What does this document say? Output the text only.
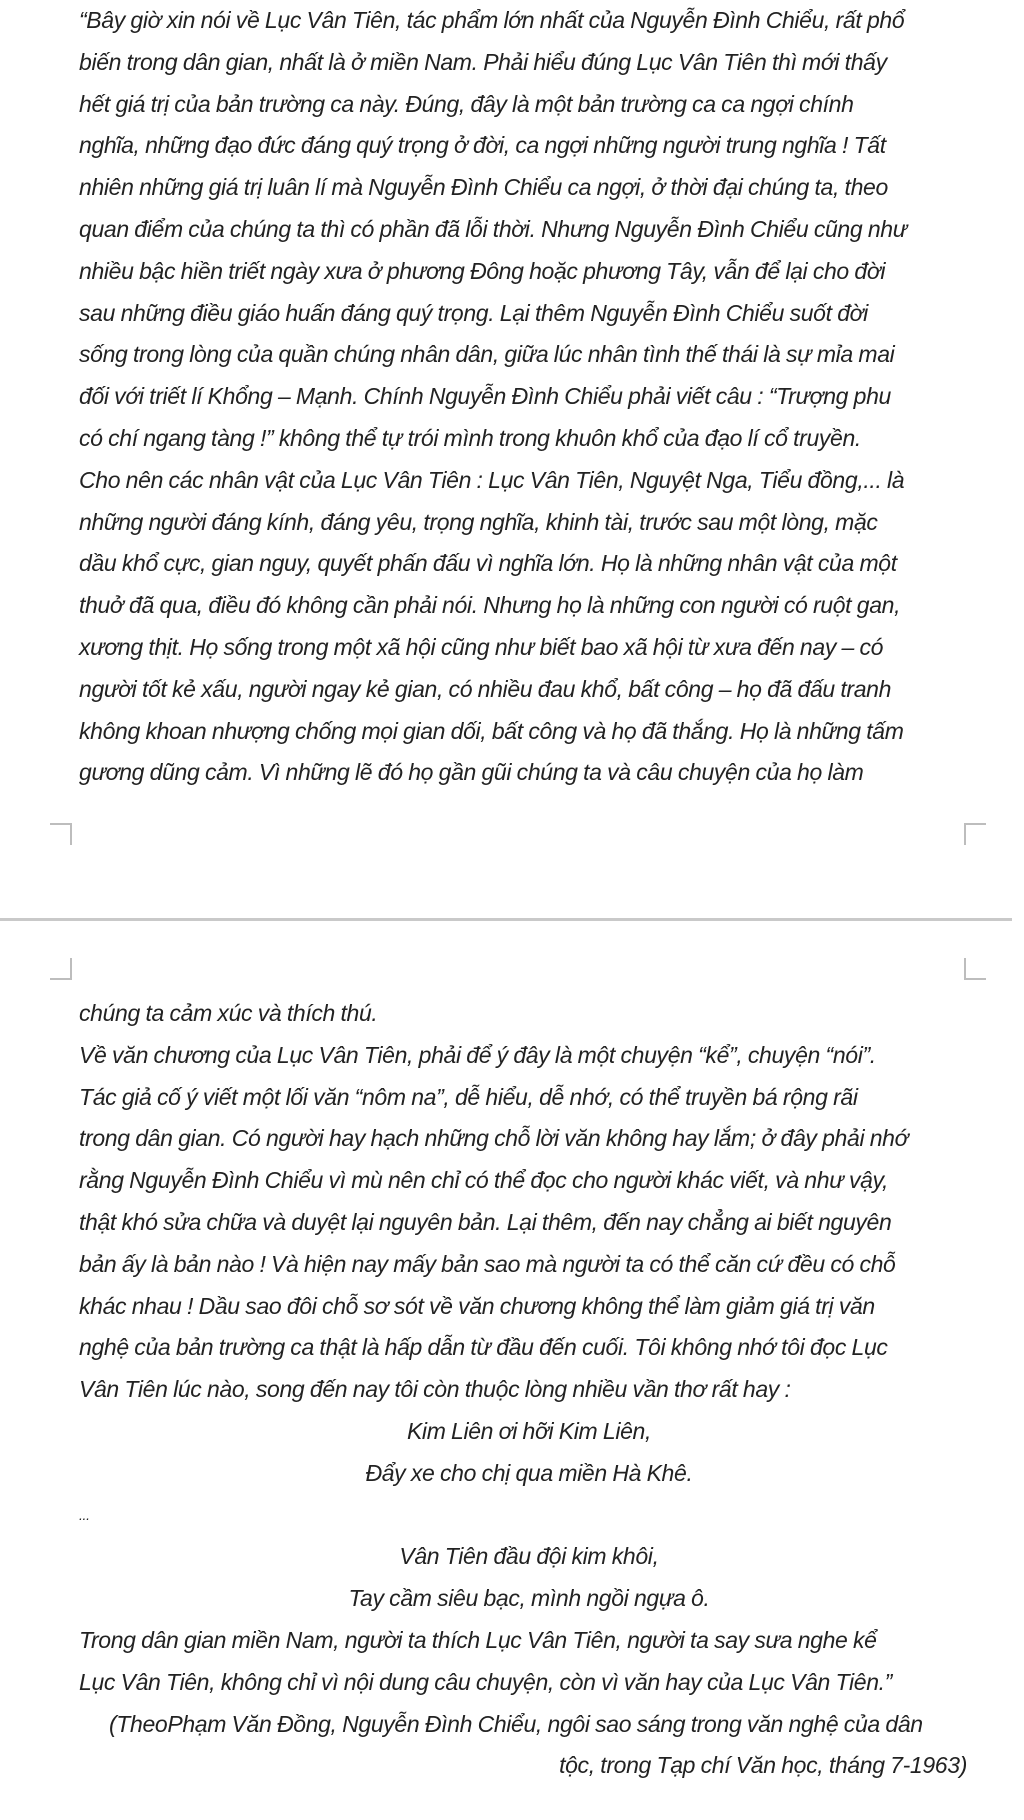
“Bây giờ xin nói về Lục Vân Tiên, tác phẩm lớn nhất của Nguyễn Đình Chiểu, rất phổ

biến trong dân gian, nhất là ở miền Nam. Phải hiểu đúng Lục Vân Tiên thì mới thấy

hết giá trị của bản trường ca này. Đúng, đây là một bản trường ca ca ngợi chính

nghĩa, những đạo đức đáng quý trọng ở đời, ca ngợi những người trung nghĩa ! Tất

nhiên những giá trị luân lí mà Nguyễn Đình Chiểu ca ngợi, ở thời đại chúng ta, theo

quan điểm của chúng ta thì có phần đã lỗi thời. Nhưng Nguyễn Đình Chiểu cũng như

nhiều bậc hiền triết ngày xưa ở phương Đông hoặc phương Tây, vẫn để lại cho đời

sau những điều giáo huấn đáng quý trọng. Lại thêm Nguyễn Đình Chiểu suốt đời

sống trong lòng của quần chúng nhân dân, giữa lúc nhân tình thế thái là sự mỉa mai

đối với triết lí Khổng – Mạnh. Chính Nguyễn Đình Chiểu phải viết câu : “Trượng phu

có chí ngang tàng !” không thể tự trói mình trong khuôn khổ của đạo lí cổ truyền.

Cho nên các nhân vật của Lục Vân Tiên : Lục Vân Tiên, Nguyệt Nga, Tiểu đồng,... là

những người đáng kính, đáng yêu, trọng nghĩa, khinh tài, trước sau một lòng, mặc

dầu khổ cực, gian nguy, quyết phấn đấu vì nghĩa lớn. Họ là những nhân vật của một

thuở đã qua, điều đó không cần phải nói. Nhưng họ là những con người có ruột gan,

xương thịt. Họ sống trong một xã hội cũng như biết bao xã hội từ xưa đến nay – có

người tốt kẻ xấu, người ngay kẻ gian, có nhiều đau khổ, bất công – họ đã đấu tranh

không khoan nhượng chống mọi gian dối, bất công và họ đã thắng. Họ là những tấm

gương dũng cảm. Vì những lẽ đó họ gần gũi chúng ta và câu chuyện của họ làm

chúng ta cảm xúc và thích thú.

Về văn chương của Lục Vân Tiên, phải để ý đây là một chuyện “kể”, chuyện “nói”.

Tác giả cố ý viết một lối văn “nôm na”, dễ hiểu, dễ nhớ, có thể truyền bá rộng rãi

trong dân gian. Có người hay hạch những chỗ lời văn không hay lắm; ở đây phải nhớ

rằng Nguyễn Đình Chiểu vì mù nên chỉ có thể đọc cho người khác viết, và như vậy,

thật khó sửa chữa và duyệt lại nguyên bản. Lại thêm, đến nay chẳng ai biết nguyên

bản ấy là bản nào ! Và hiện nay mấy bản sao mà người ta có thể căn cứ đều có chỗ

khác nhau ! Dầu sao đôi chỗ sơ sót về văn chương không thể làm giảm giá trị văn

nghệ của bản trường ca thật là hấp dẫn từ đầu đến cuối. Tôi không nhớ tôi đọc Lục

Vân Tiên lúc nào, song đến nay tôi còn thuộc lòng nhiều vần thơ rất hay :

Kim Liên ơi hỡi Kim Liên,

Đẩy xe cho chị qua miền Hà Khê.

...

Vân Tiên đầu đội kim khôi,

Tay cầm siêu bạc, mình ngồi ngựa ô.

Trong dân gian miền Nam, người ta thích Lục Vân Tiên, người ta say sưa nghe kể

Lục Vân Tiên, không chỉ vì nội dung câu chuyện, còn vì văn hay của Lục Vân Tiên.”

(TheoPhạm Văn Đồng, Nguyễn Đình Chiểu, ngôi sao sáng trong văn nghệ của dân

tộc, trong Tạp chí Văn học, tháng 7-1963)
